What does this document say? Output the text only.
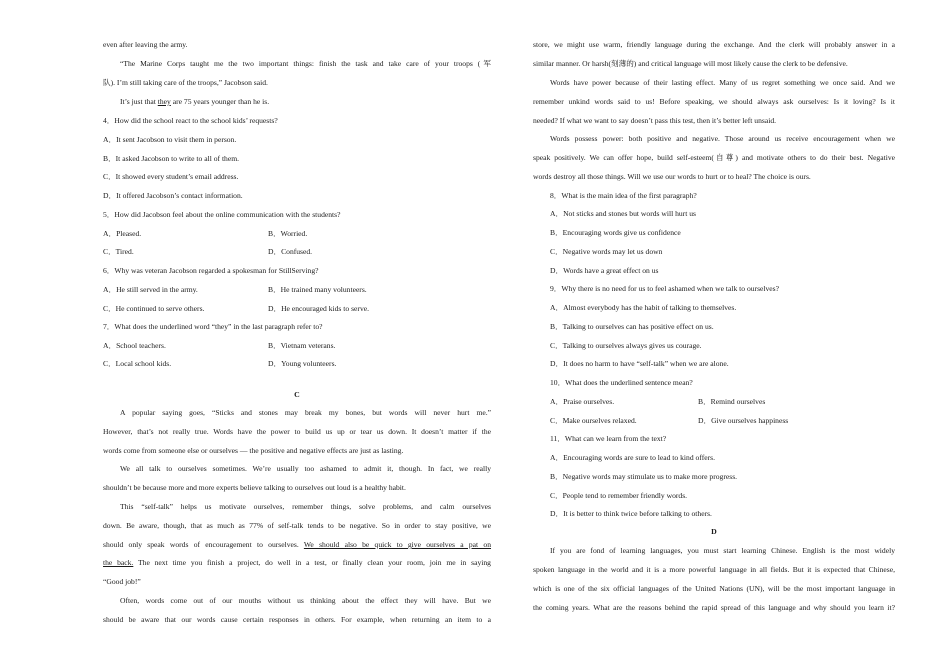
even after leaving the army.
“The Marine Corps taught me the two important things: finish the task and take care of your troops (军
队). I’m still taking care of the troops,” Jacobson said.
It’s just that they are 75 years younger than he is.
4．How did the school react to the school kids’ requests?
A．It sent Jacobson to visit them in person.
B．It asked Jacobson to write to all of them.
C．It showed every student’s email address.
D．It offered Jacobson’s contact information.
5．How did Jacobson feel about the online communication with the students?
A．Pleased.	B．Worried.
C．Tired.	D．Confused.
6．Why was veteran Jacobson regarded a spokesman for StillServing?
A．He still served in the army.	B．He trained many volunteers.
C．He continued to serve others.	D．He encouraged kids to serve.
7．What does the underlined word “they” in the last paragraph refer to?
A．School teachers.	B．Vietnam veterans.
C．Local school kids.	D．Young volunteers.
C
A popular saying goes, “Sticks and stones may break my bones, but words will never hurt me.”
However, that’s not really true. Words have the power to build us up or tear us down. It doesn’t matter if the
words come from someone else or ourselves — the positive and negative effects are just as lasting.
We all talk to ourselves sometimes. We’re usually too ashamed to admit it, though. In fact, we really
shouldn’t be because more and more experts believe talking to ourselves out loud is a healthy habit.
This “self-talk” helps us motivate ourselves, remember things, solve problems, and calm ourselves
down. Be aware, though, that as much as 77% of self-talk tends to be negative. So in order to stay positive, we
should only speak words of encouragement to ourselves. We should also be quick to give ourselves a pat on
the back. The next time you finish a project, do well in a test, or finally clean your room, join me in saying
“Good job!”
Often, words come out of our mouths without us thinking about the effect they will have. But we
should be aware that our words cause certain responses in others. For example, when returning an item to a
store, we might use warm, friendly language during the exchange. And the clerk will probably answer in a
similar manner. Or harsh(刻薄的) and critical language will most likely cause the clerk to be defensive.
Words have power because of their lasting effect. Many of us regret something we once said. And we
remember unkind words said to us! Before speaking, we should always ask ourselves: Is it loving? Is it
needed? If what we want to say doesn’t pass this test, then it’s better left unsaid.
Words possess power: both positive and negative. Those around us receive encouragement when we
speak positively. We can offer hope, build self-esteem(自尊) and motivate others to do their best. Negative
words destroy all those things. Will we use our words to hurt or to heal? The choice is ours.
8．What is the main idea of the first paragraph?
A．Not sticks and stones but words will hurt us
B．Encouraging words give us confidence
C．Negative words may let us down
D．Words have a great effect on us
9．Why there is no need for us to feel ashamed when we talk to ourselves?
A．Almost everybody has the habit of talking to themselves.
B．Talking to ourselves can has positive effect on us.
C．Talking to ourselves always gives us courage.
D．It does no harm to have “self-talk” when we are alone.
10．What does the underlined sentence mean?
A．Praise ourselves.	B．Remind ourselves
C．Make ourselves relaxed.	D．Give ourselves happiness
11．What can we learn from the text?
A．Encouraging words are sure to lead to kind offers.
B．Negative words may stimulate us to make more progress.
C．People tend to remember friendly words.
D．It is better to think twice before talking to others.
D
If you are fond of learning languages, you must start learning Chinese. English is the most widely
spoken language in the world and it is a more powerful language in all fields. But it is expected that Chinese,
which is one of the six official languages of the United Nations (UN), will be the most important language in
the coming years. What are the reasons behind the rapid spread of this language and why should you learn it?
